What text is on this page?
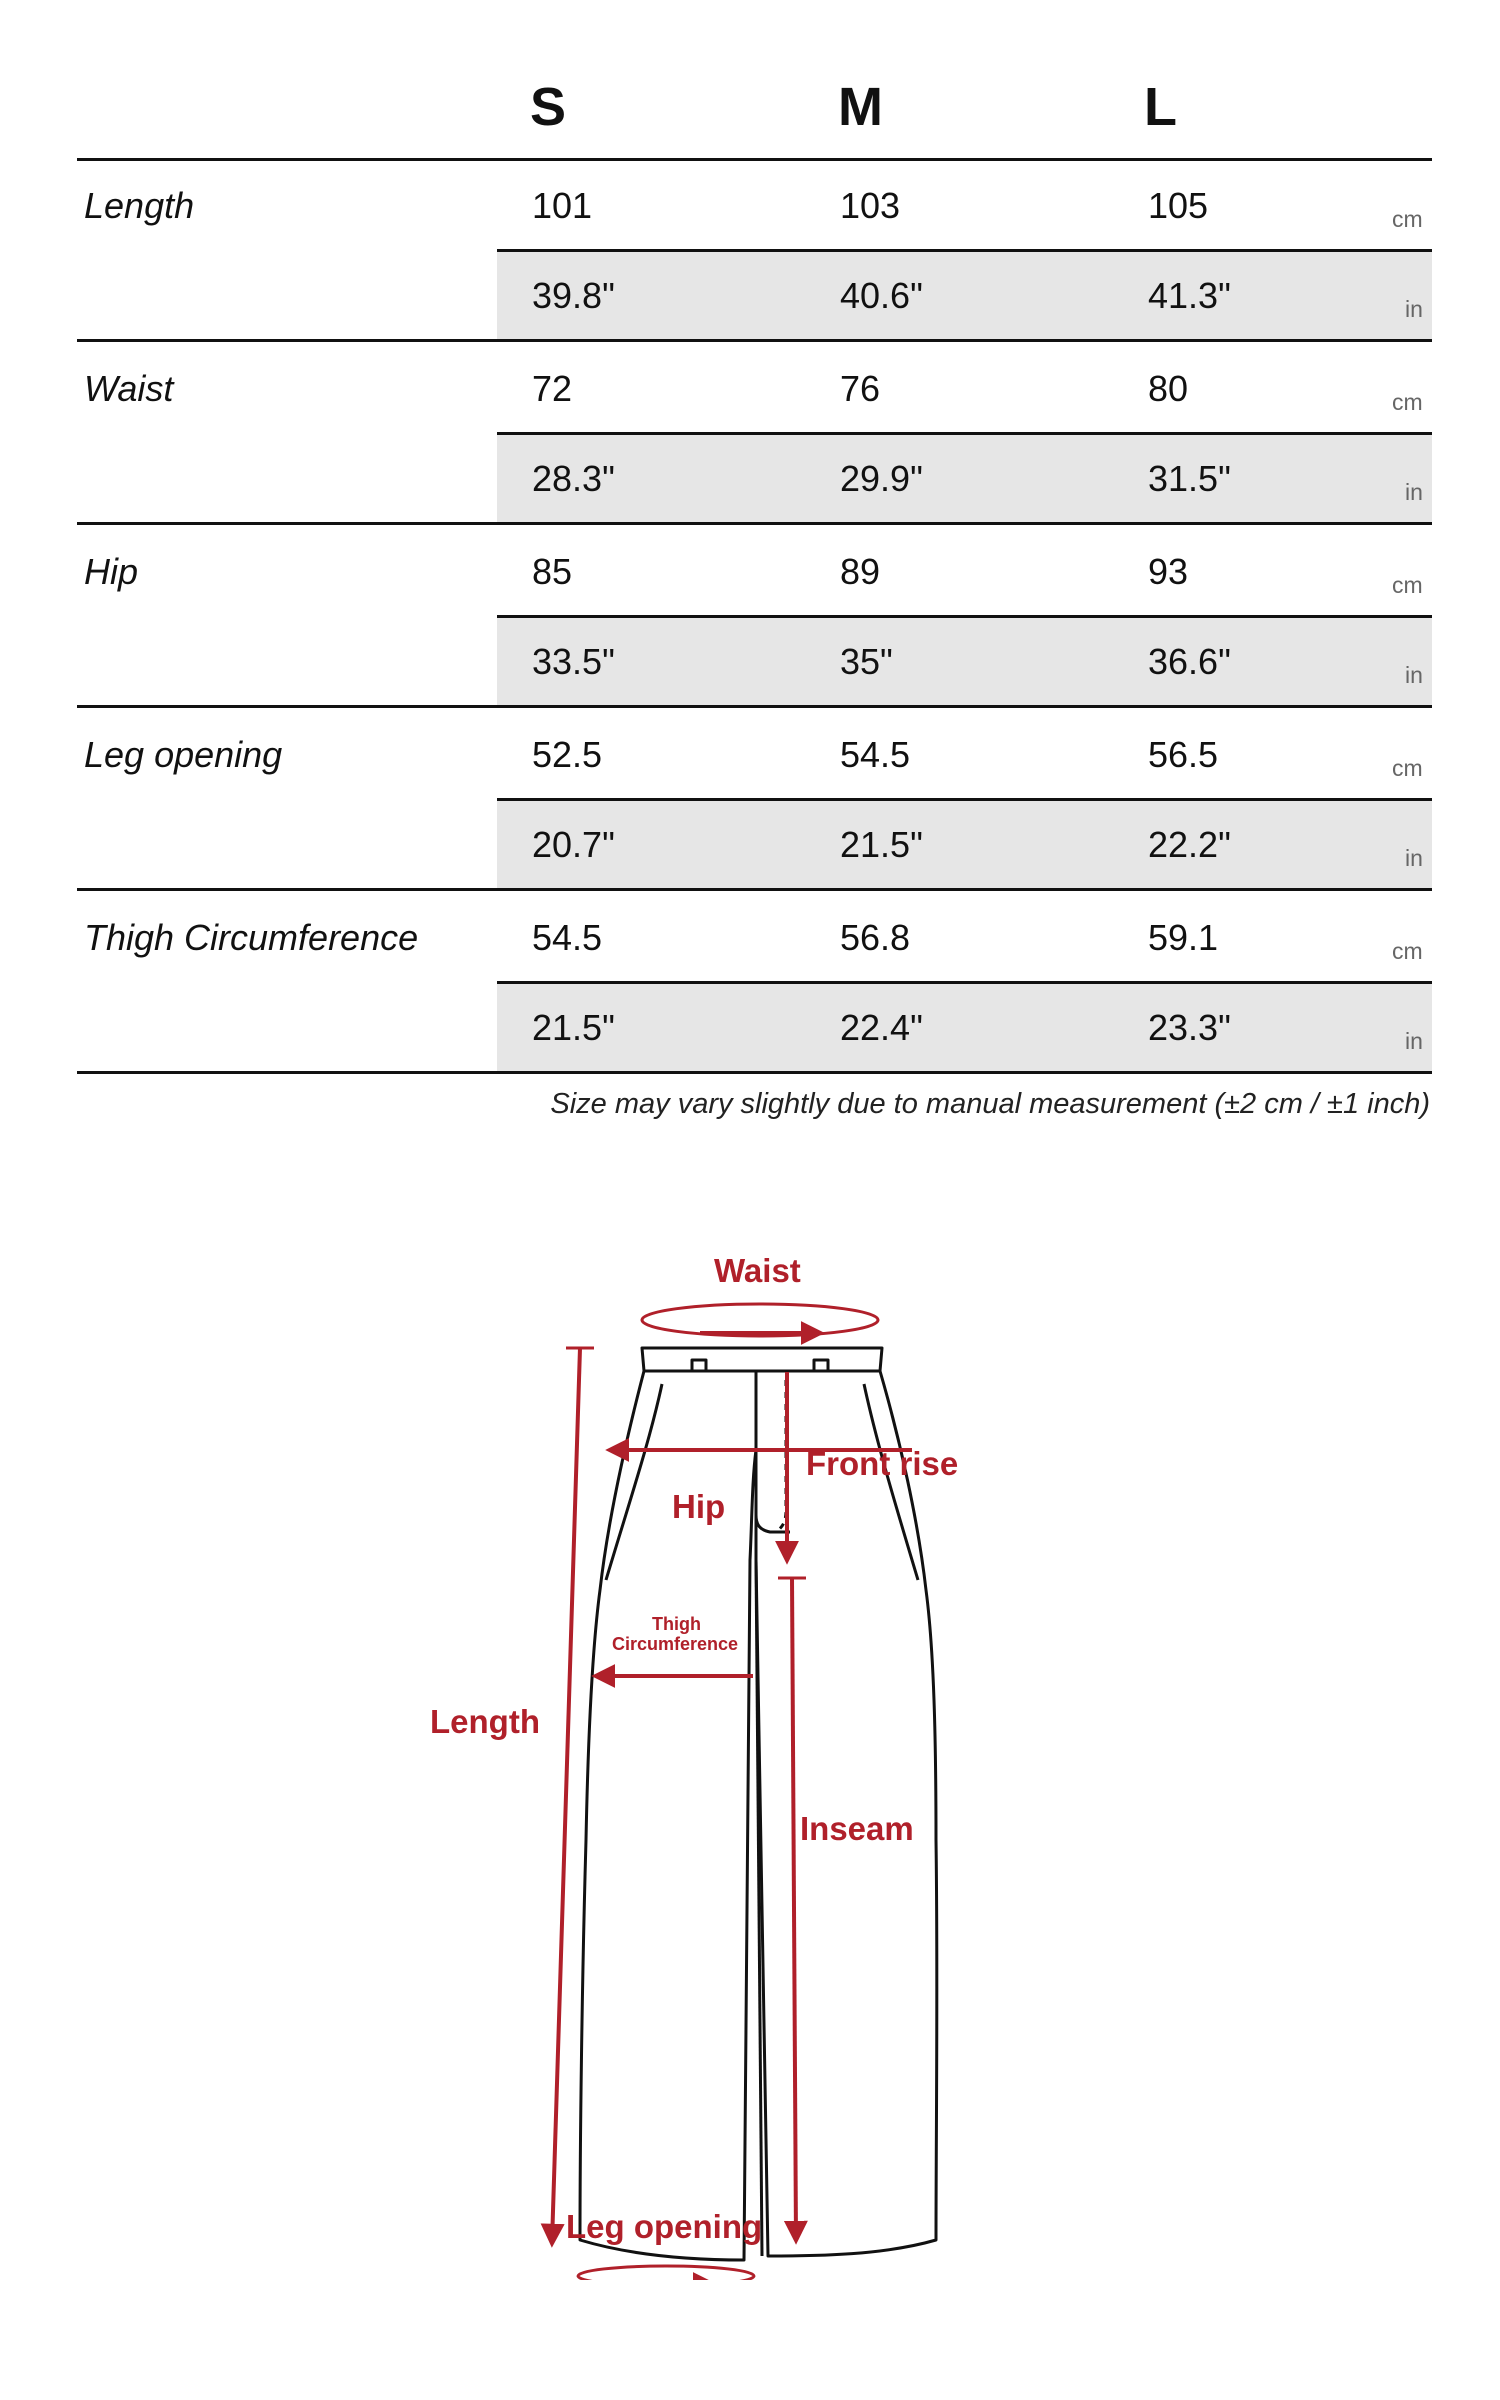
S	M	L
Length	101	103	105	cm
39.8"	40.6"	41.3"	in
Waist	72	76	80	cm
28.3"	29.9"	31.5"	in
Hip	85	89	93	cm
33.5"	35"	36.6"	in
Leg opening	52.5	54.5	56.5	cm
20.7"	21.5"	22.2"	in
Thigh Circumference	54.5	56.8	59.1	cm
21.5"	22.4"	23.3"	in
Size may vary slightly due to manual measurement (±2 cm / ±1 inch)
Waist
Front rise
Hip
Thigh
Circumference
Length
Inseam
Leg opening
